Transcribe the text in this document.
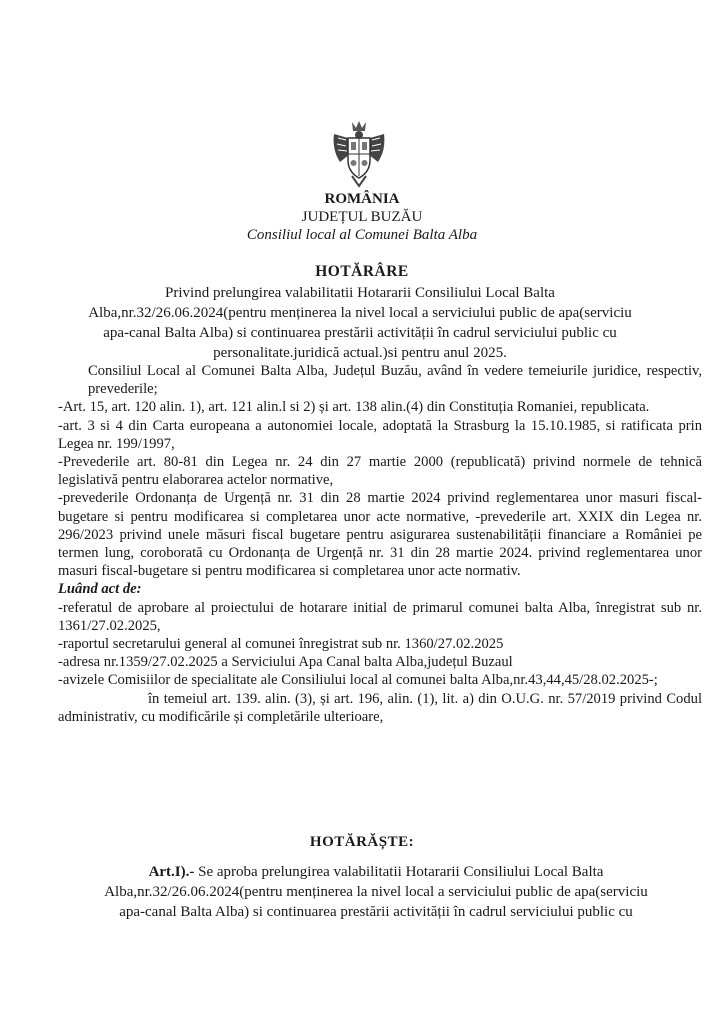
ROMÂNIA
JUDEȚUL BUZĂU
Consiliul local al Comunei Balta Alba
HOTĂRÂRE
Privind prelungirea valabilitatii Hotararii Consiliului Local Balta
Alba,nr.32/26.06.2024(pentru menținerea la nivel local a serviciului public de apa(serviciu
apa-canal Balta Alba) si continuarea prestării activității în cadrul serviciului public cu
personalitate.juridică actual.)si pentru anul 2025.

Consiliul Local al Comunei Balta Alba, Județul Buzău, având în vedere temeiurile juridice, respectiv, prevederile;

-Art. 15, art. 120 alin. 1), art. 121 alin.l si 2) și art. 138 alin.(4) din Constituția Romaniei, republicata.

-art. 3 si 4 din Carta europeana a autonomiei locale, adoptată la Strasburg la 15.10.1985, si ratificata prin Legea nr. 199/1997,

-Prevederile art. 80-81 din Legea nr. 24 din 27 martie 2000 (republicată) privind normele de tehnică legislativă pentru elaborarea actelor normative,

-prevederile Ordonanța de Urgență nr. 31 din 28 martie 2024 privind reglementarea unor masuri fiscal-bugetare si pentru modificarea si completarea unor acte normative, -prevederile art. XXIX din Legea nr. 296/2023 privind unele măsuri fiscal bugetare pentru asigurarea sustenabilității financiare a României pe termen lung, coroborată cu Ordonanța de Urgență nr. 31 din 28 martie 2024. privind reglementarea unor masuri fiscal-bugetare si pentru modificarea si completarea unor acte normativ.

Luând act de:

-referatul de aprobare al proiectului de hotarare initial de primarul comunei balta Alba, înregistrat sub nr. 1361/27.02.2025,

-raportul secretarului general al comunei înregistrat sub nr. 1360/27.02.2025

-adresa nr.1359/27.02.2025 a Serviciului Apa Canal balta Alba,județul Buzaul

-avizele Comisiilor de specialitate ale Consiliului local al comunei balta Alba,nr.43,44,45/28.02.2025-;

în temeiul art. 139. alin. (3), și art. 196, alin. (1), lit. a) din O.U.G. nr. 57/2019 privind Codul administrativ, cu modificările și completările ulterioare,

HOTĂRĂȘTE:
Art.I).- Se aproba prelungirea valabilitatii Hotararii Consiliului Local Balta
Alba,nr.32/26.06.2024(pentru menținerea la nivel local a serviciului public de apa(serviciu
apa-canal Balta Alba) si continuarea prestării activității în cadrul serviciului public cu
